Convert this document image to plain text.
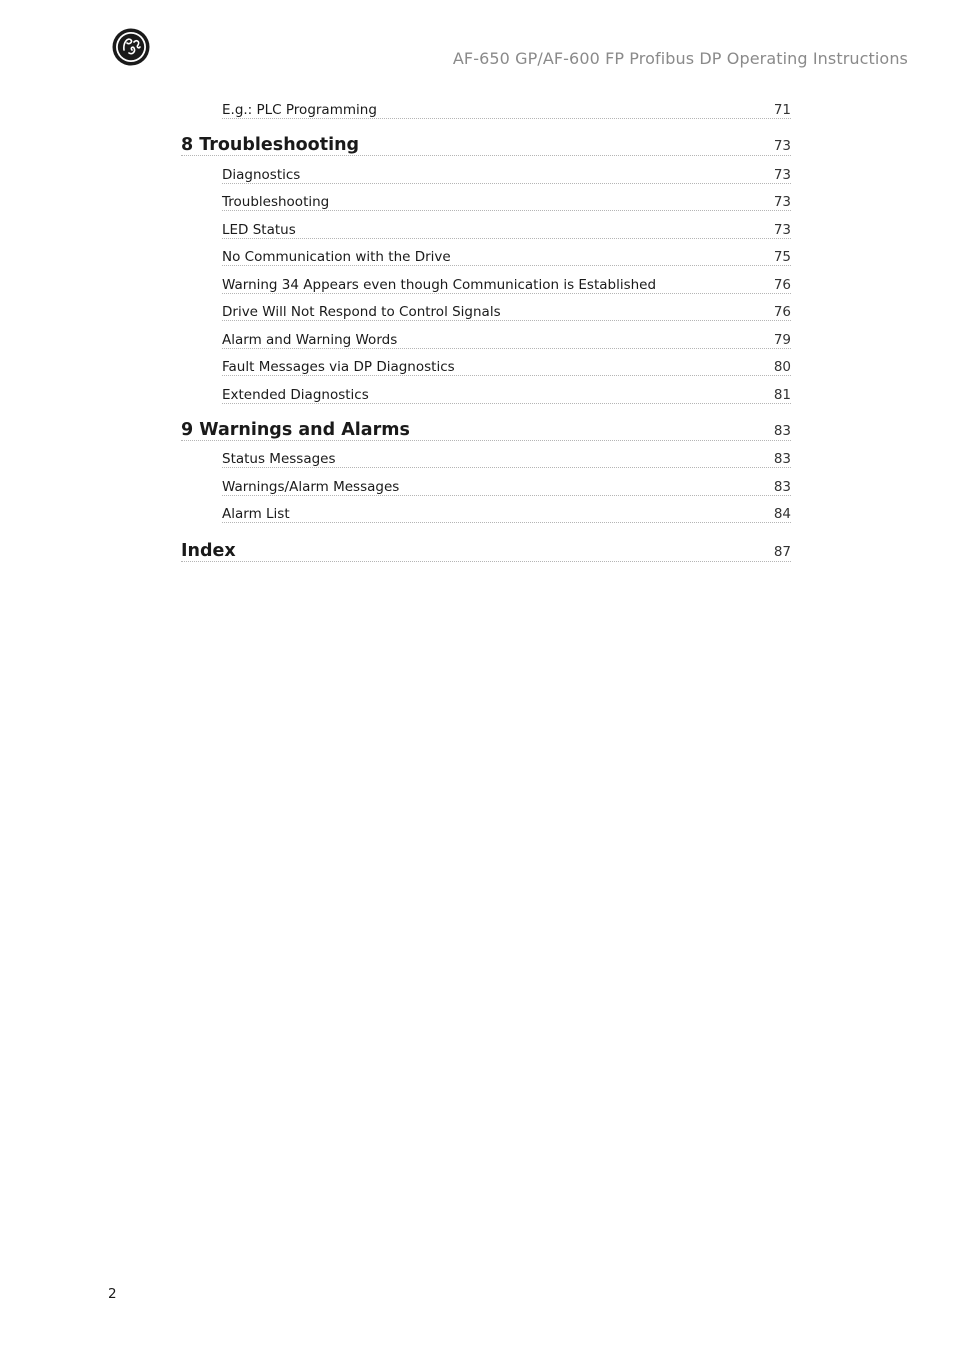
AF-650 GP/AF-600 FP Profibus DP Operating Instructions
E.g.: PLC Programming	71
8 Troubleshooting	73
Diagnostics	73
Troubleshooting	73
LED Status	73
No Communication with the Drive	75
Warning 34 Appears even though Communication is Established	76
Drive Will Not Respond to Control Signals	76
Alarm and Warning Words	79
Fault Messages via DP Diagnostics	80
Extended Diagnostics	81
9 Warnings and Alarms	83
Status Messages	83
Warnings/Alarm Messages	83
Alarm List	84
Index	87
2
